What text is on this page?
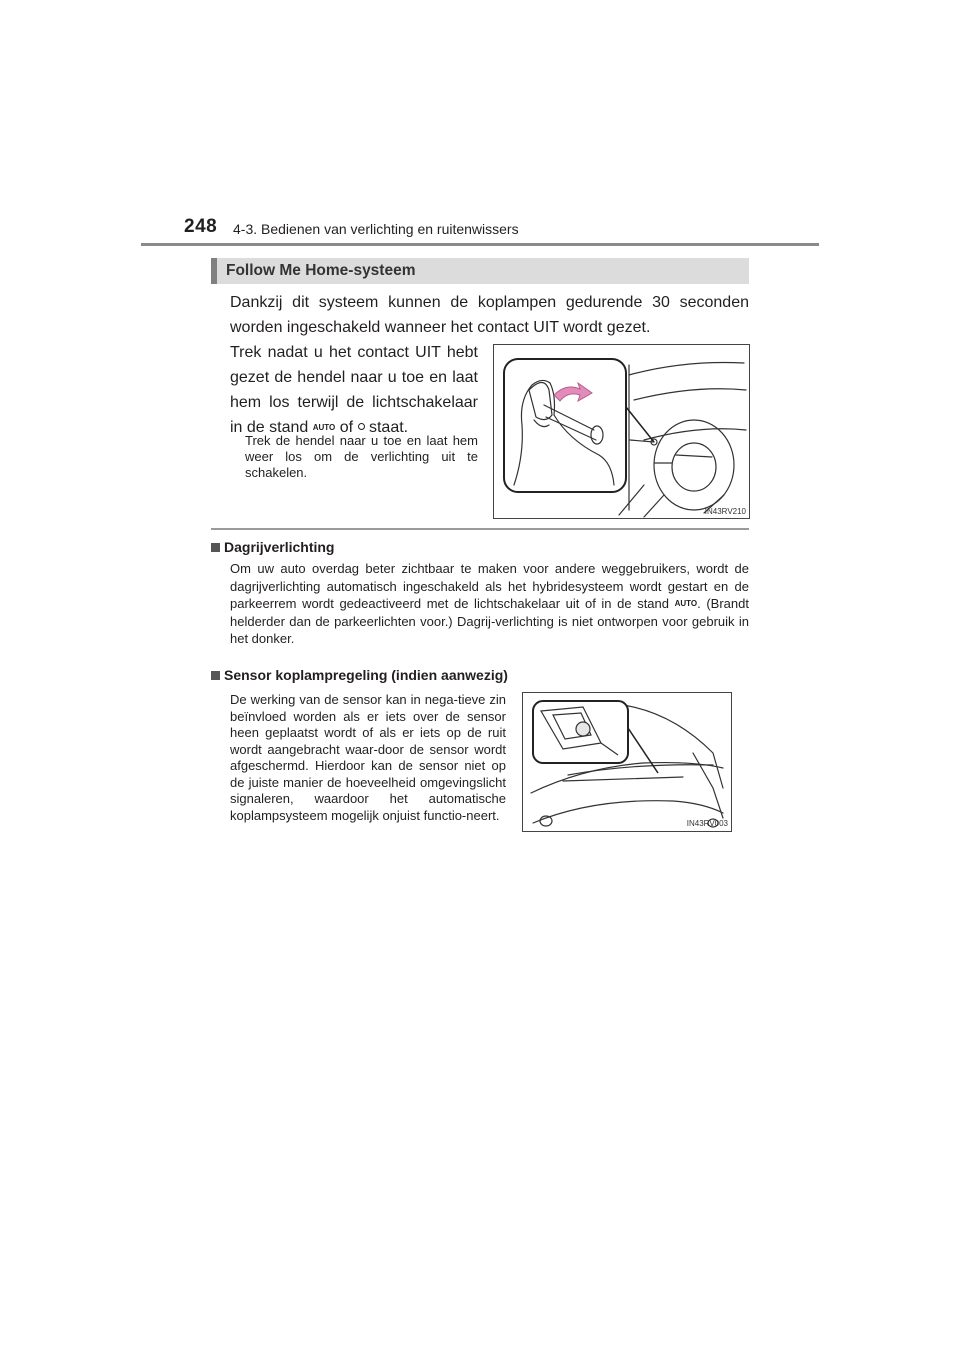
248 4-3. Bedienen van verlichting en ruitenwissers
Follow Me Home-systeem
Dankzij dit systeem kunnen de koplampen gedurende 30 seconden worden ingeschakeld wanneer het contact UIT wordt gezet.
Trek nadat u het contact UIT hebt gezet de hendel naar u toe en laat hem los terwijl de lichtschakelaar in de stand AUTO of staat.
Trek de hendel naar u toe en laat hem weer los om de verlichting uit te schakelen.
IN43RV210
Dagrijverlichting
Om uw auto overdag beter zichtbaar te maken voor andere weggebruikers, wordt de dagrijverlichting automatisch ingeschakeld als het hybridesysteem wordt gestart en de parkeerrem wordt gedeactiveerd met de lichtschakelaar uit of in de stand AUTO. (Brandt helderder dan de parkeerlichten voor.) Dagrij-verlichting is niet ontworpen voor gebruik in het donker.
Sensor koplampregeling (indien aanwezig)
De werking van de sensor kan in nega-tieve zin beïnvloed worden als er iets over de sensor heen geplaatst wordt of als er iets op de ruit wordt aangebracht waar-door de sensor wordt afgeschermd. Hierdoor kan de sensor niet op de juiste manier de hoeveelheid omgevingslicht signaleren, waardoor het automatische koplampsysteem mogelijk onjuist functio-neert.
IN43RV003
